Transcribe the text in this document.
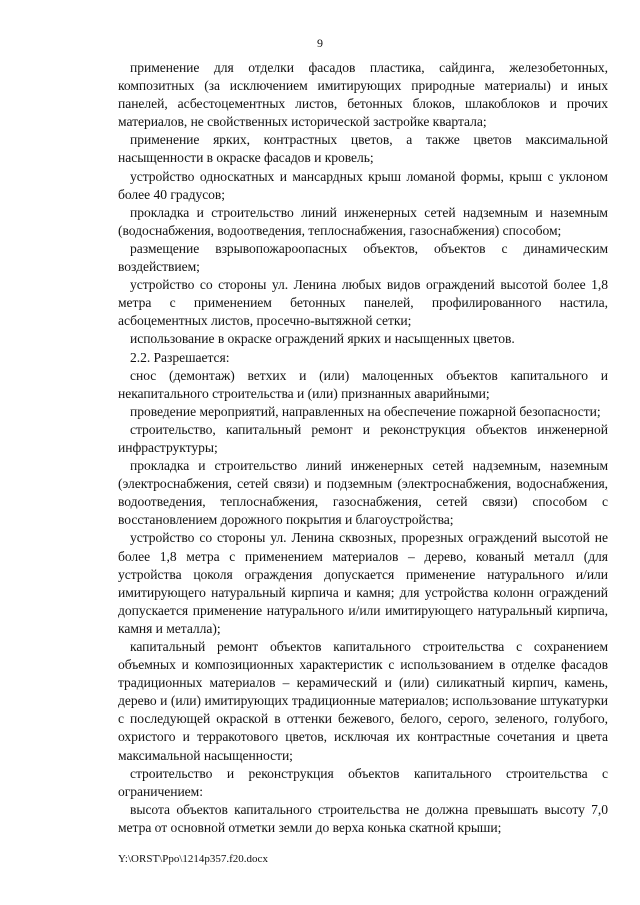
9

применение для отделки фасадов пластика, сайдинга, железобетонных, композитных (за исключением имитирующих природные материалы) и иных панелей, асбестоцементных листов, бетонных блоков, шлакоблоков и прочих материалов, не свойственных исторической застройке квартала;

применение ярких, контрастных цветов, а также цветов максимальной насыщенности в окраске фасадов и кровель;

устройство односкатных и мансардных крыш ломаной формы, крыш с уклоном более 40 градусов;

прокладка и строительство линий инженерных сетей надземным и наземным (водоснабжения, водоотведения, теплоснабжения, газоснабжения) способом;

размещение взрывопожароопасных объектов, объектов с динамическим воздействием;

устройство со стороны ул. Ленина любых видов ограждений высотой более 1,8 метра с применением бетонных панелей, профилированного настила, асбоцементных листов, просечно-вытяжной сетки;

использование в окраске ограждений ярких и насыщенных цветов.

2.2. Разрешается:

снос (демонтаж) ветхих и (или) малоценных объектов капитального и некапитального строительства и (или) признанных аварийными;

проведение мероприятий, направленных на обеспечение пожарной безопасности;

строительство, капитальный ремонт и реконструкция объектов инженерной инфраструктуры;

прокладка и строительство линий инженерных сетей надземным, наземным (электроснабжения, сетей связи) и подземным (электроснабжения, водоснабжения, водоотведения, теплоснабжения, газоснабжения, сетей связи) способом с восстановлением дорожного покрытия и благоустройства;

устройство со стороны ул. Ленина сквозных, прорезных ограждений высотой не более 1,8 метра с применением материалов – дерево, кованый металл (для устройства цоколя ограждения допускается применение натурального и/или имитирующего натуральный кирпича и камня; для устройства колонн ограждений допускается применение натурального и/или имитирующего натуральный кирпича, камня и металла);

капитальный ремонт объектов капитального строительства с сохранением объемных и композиционных характеристик с использованием в отделке фасадов традиционных материалов – керамический и (или) силикатный кирпич, камень, дерево и (или) имитирующих традиционные материалов; использование штукатурки с последующей окраской в оттенки бежевого, белого, серого, зеленого, голубого, охристого и терракотового цветов, исключая их контрастные сочетания и цвета максимальной насыщенности;

строительство и реконструкция объектов капитального строительства с ограничением:

высота объектов капитального строительства не должна превышать высоту 7,0 метра от основной отметки земли до верха конька скатной крыши;

Y:\ORST\Ppo\1214p357.f20.docx
